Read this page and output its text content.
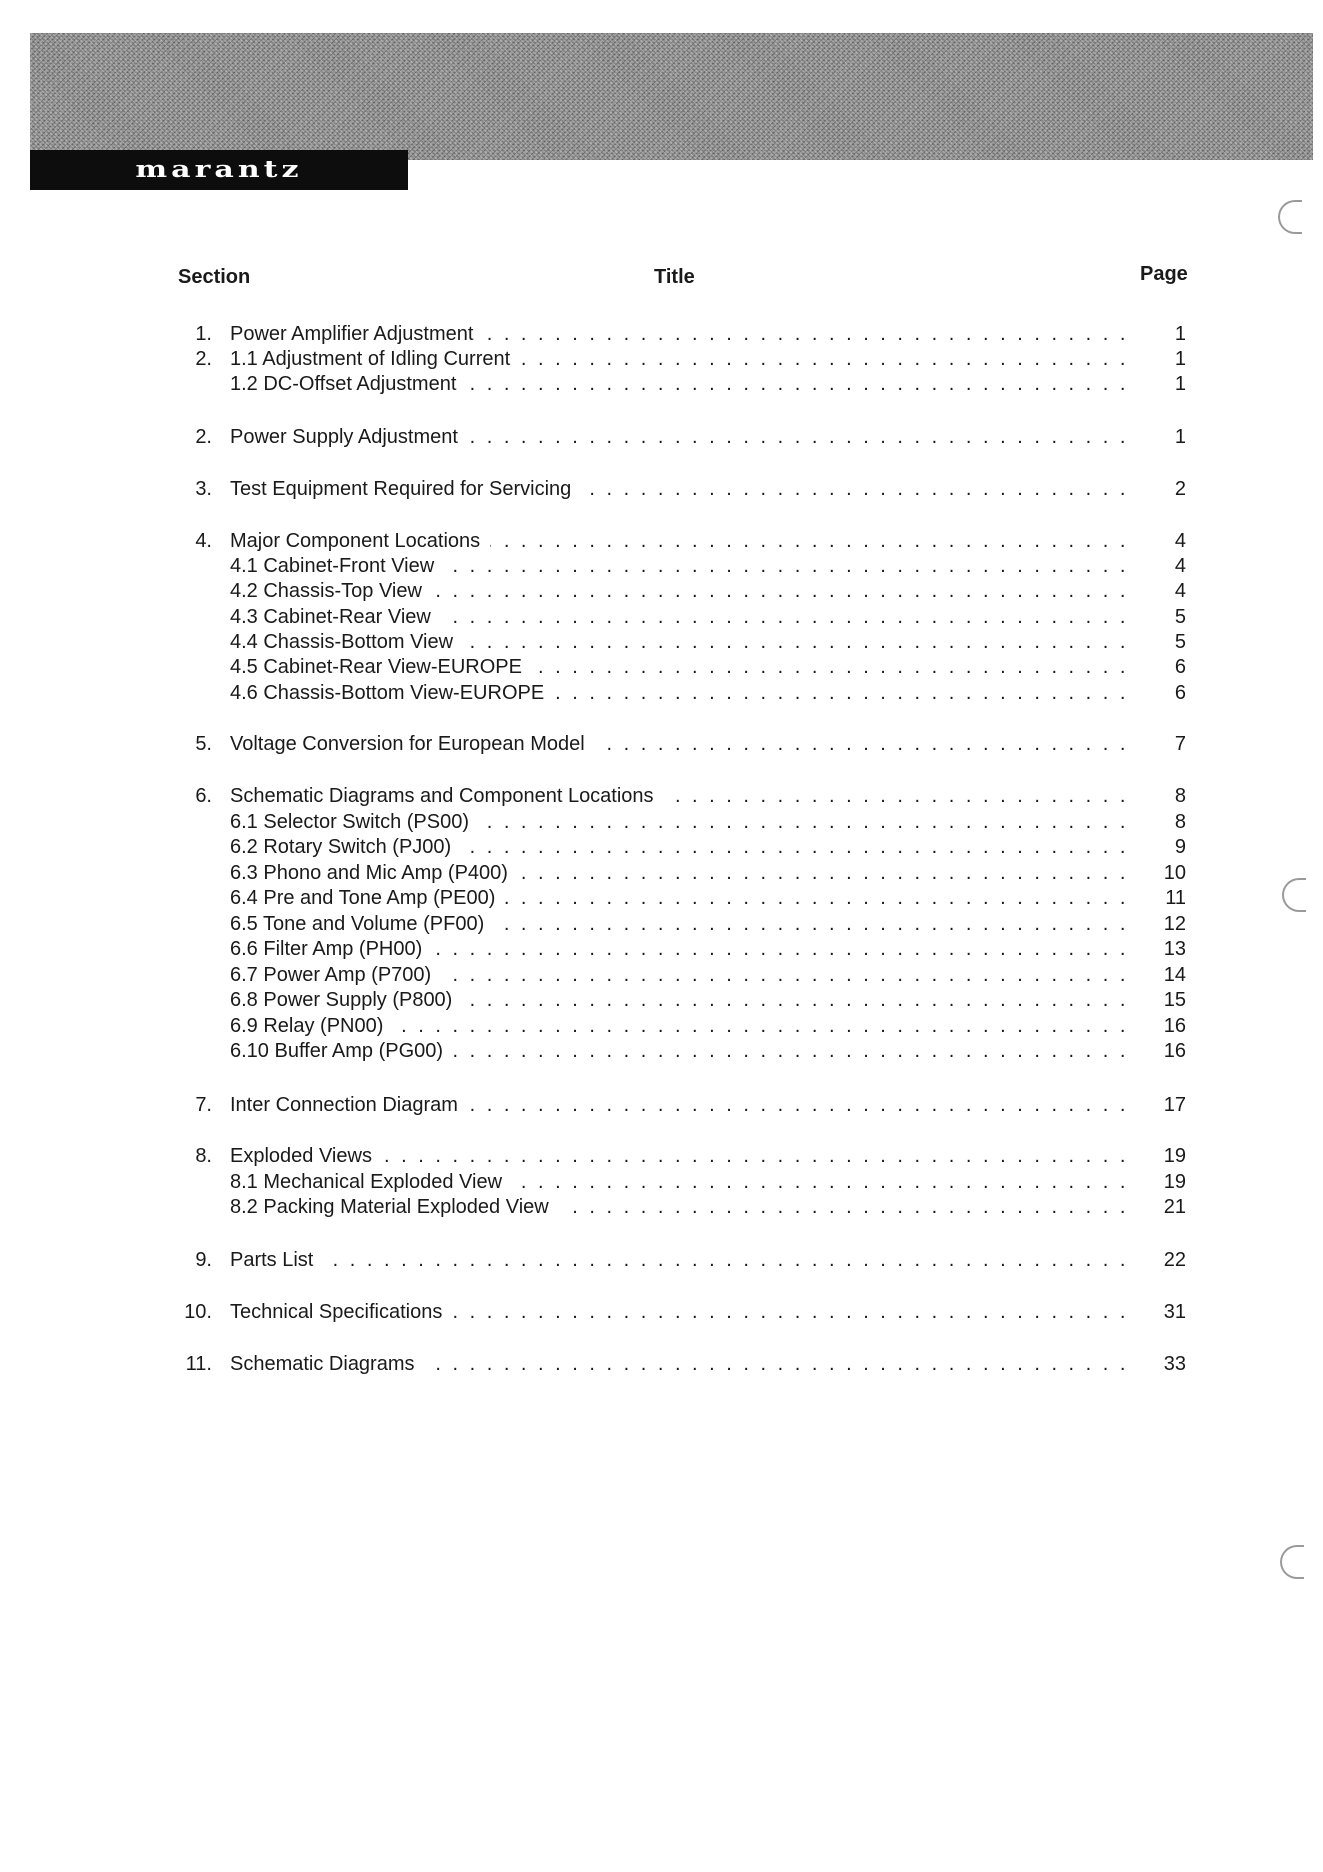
marantz
Section	Title	Page
1. Power Amplifier Adjustment . . .	1
2. 1.1 Adjustment of Idling Current . . .	1
1.2 DC-Offset Adjustment . . .	1
2. Power Supply Adjustment . . .	1
3. Test Equipment Required for Servicing . . .	2
4. Major Component Locations . . .	4
4.1 Cabinet-Front View . . .	4
4.2 Chassis-Top View . . .	4
4.3 Cabinet-Rear View . . .	5
4.4 Chassis-Bottom View . . .	5
4.5 Cabinet-Rear View-EUROPE . . .	6
4.6 Chassis-Bottom View-EUROPE . . .	6
5. Voltage Conversion for European Model . . .	7
6. Schematic Diagrams and Component Locations . . .	8
6.1 Selector Switch (PS00) . . .	8
6.2 Rotary Switch (PJ00) . . .	9
6.3 Phono and Mic Amp (P400) . . .	10
6.4 Pre and Tone Amp (PE00) . . .	11
6.5 Tone and Volume (PF00) . . .	12
6.6 Filter Amp (PH00) . . .	13
6.7 Power Amp (P700) . . .	14
6.8 Power Supply (P800) . . .	15
6.9 Relay (PN00) . . .	16
6.10 Buffer Amp (PG00) . . .	16
7. Inter Connection Diagram . . .	17
8. Exploded Views . . .	19
8.1 Mechanical Exploded View . . .	19
8.2 Packing Material Exploded View . . .	21
9. Parts List . . .	22
10. Technical Specifications . . .	31
11. Schematic Diagrams . . .	33
